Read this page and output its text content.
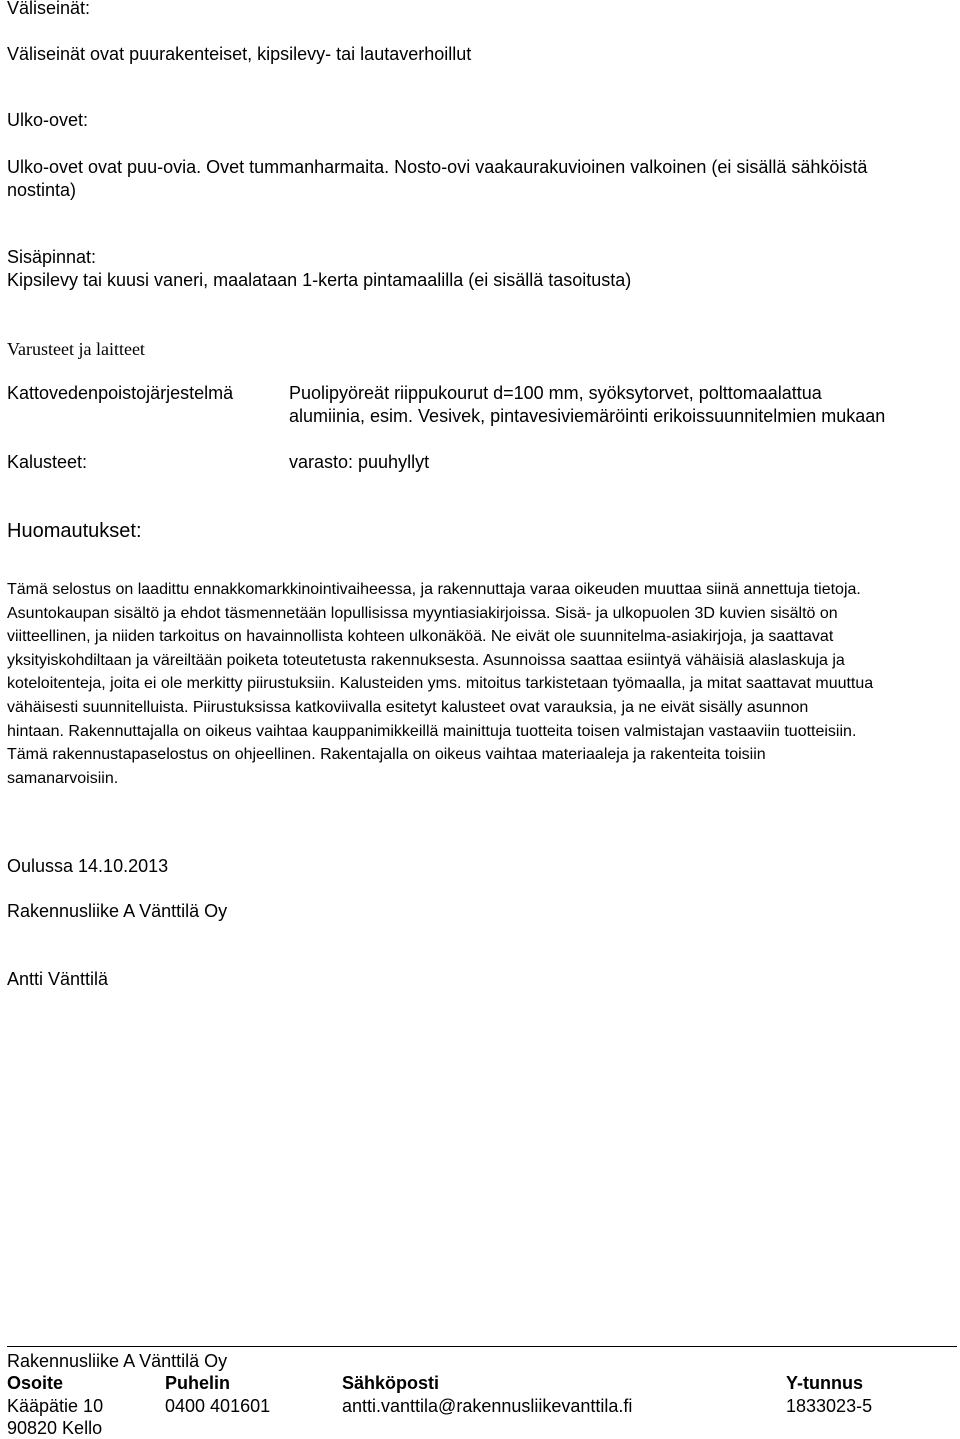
Väliseinät:
Väliseinät ovat puurakenteiset, kipsilevy- tai lautaverhoillut
Ulko-ovet:
Ulko-ovet ovat puu-ovia. Ovet tummanharmaita. Nosto-ovi vaakaurakuvioinen valkoinen (ei sisällä sähköistä
nostinta)
Sisäpinnat:
Kipsilevy tai kuusi vaneri, maalataan 1-kerta pintamaalilla (ei sisällä tasoitusta)
Varusteet ja laitteet
Kattovedenpoistojärjestelmä	Puolipyöreät riippukourut d=100 mm, syöksytorvet, polttomaalattua
alumiinia, esim. Vesivek, pintavesiviemäröinti erikoissuunnitelmien mukaan
Kalusteet:	varasto: puuhyllyt
Huomautukset:
Tämä selostus on laadittu ennakkomarkkinointivaiheessa, ja rakennuttaja varaa oikeuden muuttaa siinä annettuja tietoja.
Asuntokaupan sisältö ja ehdot täsmennetään lopullisissa myyntiasiakirjoissa. Sisä- ja ulkopuolen 3D kuvien sisältö on
viitteellinen, ja niiden tarkoitus on havainnollista kohteen ulkonäköä. Ne eivät ole suunnitelma-asiakirjoja, ja saattavat
yksityiskohdiltaan ja väreiltään poiketa toteutetusta rakennuksesta. Asunnoissa saattaa esiintyä vähäisiä alaslaskuja ja
koteloitenteja, joita ei ole merkitty piirustuksiin. Kalusteiden yms. mitoitus tarkistetaan työmaalla, ja mitat saattavat muuttua
vähäisesti suunnitelluista. Piirustuksissa katkoviivalla esitetyt kalusteet ovat varauksia, ja ne eivät sisälly asunnon
hintaan. Rakennuttajalla on oikeus vaihtaa kauppanimikkeillä mainittuja tuotteita toisen valmistajan vastaaviin tuotteisiin.
Tämä rakennustapaselostus on ohjeellinen. Rakentajalla on oikeus vaihtaa materiaaleja ja rakenteita toisiin
samanarvoisiin.
Oulussa 14.10.2013
Rakennusliike A Vänttilä Oy
Antti Vänttilä
Rakennusliike A Vänttilä Oy
Osoite	Puhelin	Sähköposti	Y-tunnus
Kääpätie 10	0400 401601	antti.vanttila@rakennusliikevanttila.fi	1833023-5
90820 Kello
